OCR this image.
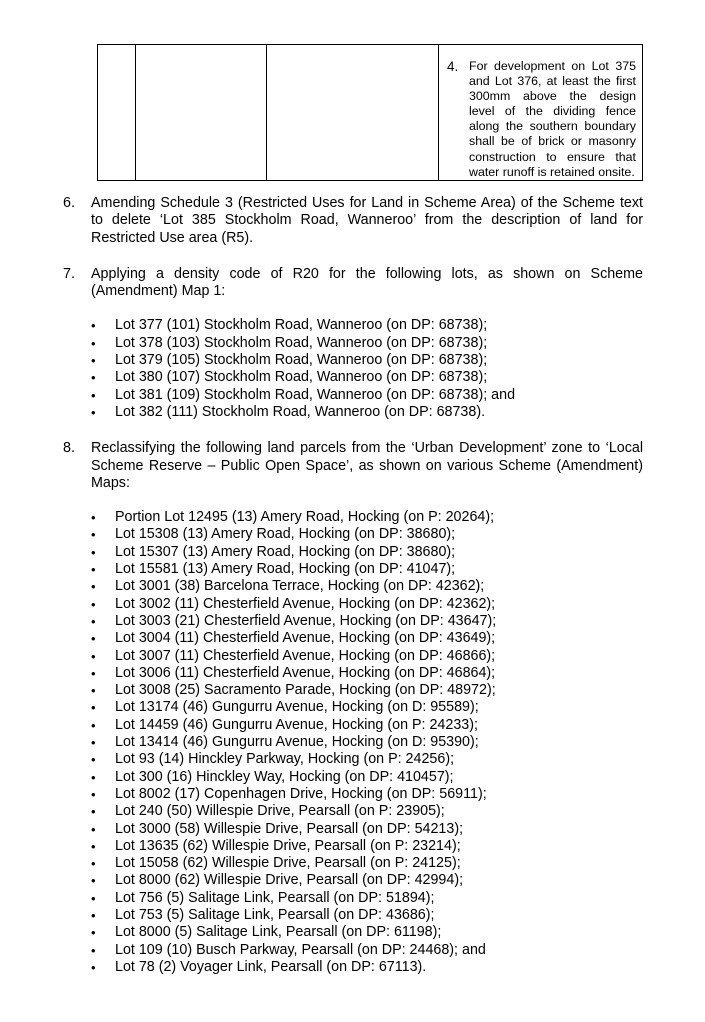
4. For development on Lot 375 and Lot 376, at least the first 300mm above the design level of the dividing fence along the southern boundary shall be of brick or masonry construction to ensure that water runoff is retained onsite.
6.	Amending Schedule 3 (Restricted Uses for Land in Scheme Area) of the Scheme text to delete ‘Lot 385 Stockholm Road, Wanneroo’ from the description of land for Restricted Use area (R5).
7.	Applying a density code of R20 for the following lots, as shown on Scheme (Amendment) Map 1:
• Lot 377 (101) Stockholm Road, Wanneroo (on DP: 68738);
• Lot 378 (103) Stockholm Road, Wanneroo (on DP: 68738);
• Lot 379 (105) Stockholm Road, Wanneroo (on DP: 68738);
• Lot 380 (107) Stockholm Road, Wanneroo (on DP: 68738);
• Lot 381 (109) Stockholm Road, Wanneroo (on DP: 68738); and
• Lot 382 (111) Stockholm Road, Wanneroo (on DP: 68738).
8.	Reclassifying the following land parcels from the ‘Urban Development’ zone to ‘Local Scheme Reserve – Public Open Space’, as shown on various Scheme (Amendment) Maps:
• Portion Lot 12495 (13) Amery Road, Hocking (on P: 20264);
• Lot 15308 (13) Amery Road, Hocking (on DP: 38680);
• Lot 15307 (13) Amery Road, Hocking (on DP: 38680);
• Lot 15581 (13) Amery Road, Hocking (on DP: 41047);
• Lot 3001 (38) Barcelona Terrace, Hocking (on DP: 42362);
• Lot 3002 (11) Chesterfield Avenue, Hocking (on DP: 42362);
• Lot 3003 (21) Chesterfield Avenue, Hocking (on DP: 43647);
• Lot 3004 (11) Chesterfield Avenue, Hocking (on DP: 43649);
• Lot 3007 (11) Chesterfield Avenue, Hocking (on DP: 46866);
• Lot 3006 (11) Chesterfield Avenue, Hocking (on DP: 46864);
• Lot 3008 (25) Sacramento Parade, Hocking (on DP: 48972);
• Lot 13174 (46) Gungurru Avenue, Hocking (on D: 95589);
• Lot 14459 (46) Gungurru Avenue, Hocking (on P: 24233);
• Lot 13414 (46) Gungurru Avenue, Hocking (on D: 95390);
• Lot 93 (14) Hinckley Parkway, Hocking (on P: 24256);
• Lot 300 (16) Hinckley Way, Hocking (on DP: 410457);
• Lot 8002 (17) Copenhagen Drive, Hocking (on DP: 56911);
• Lot 240 (50) Willespie Drive, Pearsall (on P: 23905);
• Lot 3000 (58) Willespie Drive, Pearsall (on DP: 54213);
• Lot 13635 (62) Willespie Drive, Pearsall (on P: 23214);
• Lot 15058 (62) Willespie Drive, Pearsall (on P: 24125);
• Lot 8000 (62) Willespie Drive, Pearsall (on DP: 42994);
• Lot 756 (5) Salitage Link, Pearsall (on DP: 51894);
• Lot 753 (5) Salitage Link, Pearsall (on DP: 43686);
• Lot 8000 (5) Salitage Link, Pearsall (on DP: 61198);
• Lot 109 (10) Busch Parkway, Pearsall (on DP: 24468); and
• Lot 78 (2) Voyager Link, Pearsall (on DP: 67113).
